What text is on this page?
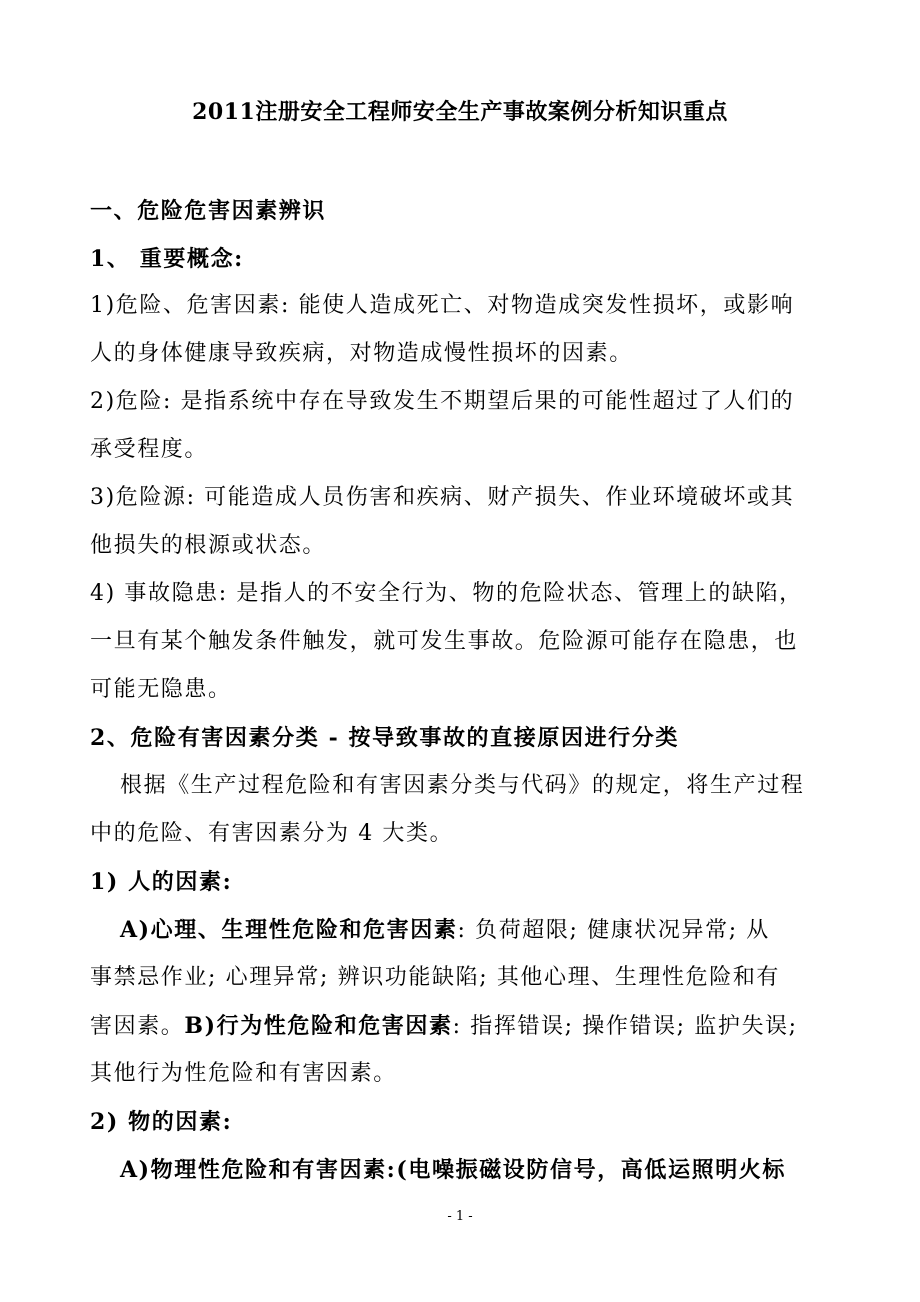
2011注册安全工程师安全生产事故案例分析知识重点
一、危险危害因素辨识
1、 重要概念:
1)危险、危害因素: 能使人造成死亡、对物造成突发性损坏，或影响
人的身体健康导致疾病，对物造成慢性损坏的因素。
2)危险: 是指系统中存在导致发生不期望后果的可能性超过了人们的
承受程度。
3)危险源: 可能造成人员伤害和疾病、财产损失、作业环境破坏或其
他损失的根源或状态。
4) 事故隐患: 是指人的不安全行为、物的危险状态、管理上的缺陷，
一旦有某个触发条件触发，就可发生事故。危险源可能存在隐患，也
可能无隐患。
2、危险有害因素分类 - 按导致事故的直接原因进行分类
根据《生产过程危险和有害因素分类与代码》的规定，将生产过程
中的危险、有害因素分为 4 大类。
1) 人的因素:
A)心理、生理性危险和危害因素: 负荷超限; 健康状况异常; 从
事禁忌作业; 心理异常; 辨识功能缺陷; 其他心理、生理性危险和有
害因素。B)行为性危险和危害因素: 指挥错误; 操作错误; 监护失误;
其他行为性危险和有害因素。
2) 物的因素:
A)物理性危险和有害因素:(电噪振磁设防信号，高低运照明火标
- 1 -
